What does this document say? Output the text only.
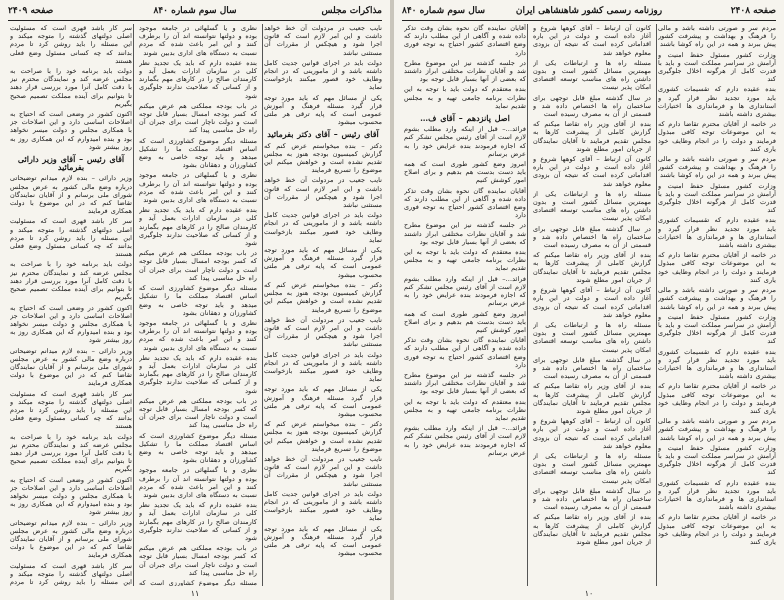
مذاکرات مجلس
سال سوم شماره ۸۴۰
صفحه ۲۴۰۹

نایب جعیب در مردولت آن خط خواهد داشت و این امر لازم است که قانون اجرا شود و هیچکس از مقررات آن مستثنی نباشد

دولت باید در اجرای قوانین جدیت کامل داشته باشد و از مامورینی که در انجام وظایف خود قصور میکنند بازخواست نماید

یکی از مسائل مهم که باید مورد توجه قرار گیرد مسئله فرهنگ و آموزش عمومی است که پایه ترقی هر ملتی محسوب میشود

آقای رئیس – آقای دکتر بفرمائید

دکتر – بنده میخواستم عرض کنم که گزارش کمیسیون بودجه هنوز به مجلس تقدیم نشده است و خواهش میکنم این موضوع را تسریع فرمایند

نایب جعیب در مردولت آن خط خواهد داشت و این امر لازم است که قانون اجرا شود و هیچکس از مقررات آن مستثنی نباشد

دولت باید در اجرای قوانین جدیت کامل داشته باشد و از مامورینی که در انجام وظایف خود قصور میکنند بازخواست نماید

یکی از مسائل مهم که باید مورد توجه قرار گیرد مسئله فرهنگ و آموزش عمومی است که پایه ترقی هر ملتی محسوب میشود

دکتر – بنده میخواستم عرض کنم که گزارش کمیسیون بودجه هنوز به مجلس تقدیم نشده است و خواهش میکنم این موضوع را تسریع فرمایند

نایب جعیب در مردولت آن خط خواهد داشت و این امر لازم است که قانون اجرا شود و هیچکس از مقررات آن مستثنی نباشد

دولت باید در اجرای قوانین جدیت کامل داشته باشد و از مامورینی که در انجام وظایف خود قصور میکنند بازخواست نماید

یکی از مسائل مهم که باید مورد توجه قرار گیرد مسئله فرهنگ و آموزش عمومی است که پایه ترقی هر ملتی محسوب میشود

دکتر – بنده میخواستم عرض کنم که گزارش کمیسیون بودجه هنوز به مجلس تقدیم نشده است و خواهش میکنم این موضوع را تسریع فرمایند

نایب جعیب در مردولت آن خط خواهد داشت و این امر لازم است که قانون اجرا شود و هیچکس از مقررات آن مستثنی نباشد

دولت باید در اجرای قوانین جدیت کامل داشته باشد و از مامورینی که در انجام وظایف خود قصور میکنند بازخواست نماید

یکی از مسائل مهم که باید مورد توجه قرار گیرد مسئله فرهنگ و آموزش عمومی است که پایه ترقی هر ملتی محسوب میشود

نظری و یا گسلهائی در جامعه موجود بوده و دولتها نتوانسته اند آن را برطرف کنند و این امر باعث شده که مردم نسبت به دستگاه های اداری بدبین شوند

بنده عقیده دارم که باید یک تجدید نظر کلی در سازمان ادارات بعمل آید و کارمندان صالح را در کارهای مهم بگمارند و از کسانی که صلاحیت ندارند جلوگیری شود

در باب بودجه مملکتی هم عرض میکنم که کسر بودجه امسال بسیار قابل توجه است و دولت ناچار است برای جبران آن راه حل مناسبی پیدا کند

مسئله دیگر موضوع کشاورزی است که اساس اقتصاد مملکت ما را تشکیل میدهد و باید توجه خاصی به وضع کشاورزان و دهقانان بشود

نظری و یا گسلهائی در جامعه موجود بوده و دولتها نتوانسته اند آن را برطرف کنند و این امر باعث شده که مردم نسبت به دستگاه های اداری بدبین شوند

بنده عقیده دارم که باید یک تجدید نظر کلی در سازمان ادارات بعمل آید و کارمندان صالح را در کارهای مهم بگمارند و از کسانی که صلاحیت ندارند جلوگیری شود

در باب بودجه مملکتی هم عرض میکنم که کسر بودجه امسال بسیار قابل توجه است و دولت ناچار است برای جبران آن راه حل مناسبی پیدا کند

مسئله دیگر موضوع کشاورزی است که اساس اقتصاد مملکت ما را تشکیل میدهد و باید توجه خاصی به وضع کشاورزان و دهقانان بشود

نظری و یا گسلهائی در جامعه موجود بوده و دولتها نتوانسته اند آن را برطرف کنند و این امر باعث شده که مردم نسبت به دستگاه های اداری بدبین شوند

بنده عقیده دارم که باید یک تجدید نظر کلی در سازمان ادارات بعمل آید و کارمندان صالح را در کارهای مهم بگمارند و از کسانی که صلاحیت ندارند جلوگیری شود

در باب بودجه مملکتی هم عرض میکنم که کسر بودجه امسال بسیار قابل توجه است و دولت ناچار است برای جبران آن راه حل مناسبی پیدا کند

مسئله دیگر موضوع کشاورزی است که اساس اقتصاد مملکت ما را تشکیل میدهد و باید توجه خاصی به وضع کشاورزان و دهقانان بشود

نظری و یا گسلهائی در جامعه موجود بوده و دولتها نتوانسته اند آن را برطرف کنند و این امر باعث شده که مردم نسبت به دستگاه های اداری بدبین شوند

بنده عقیده دارم که باید یک تجدید نظر کلی در سازمان ادارات بعمل آید و کارمندان صالح را در کارهای مهم بگمارند و از کسانی که صلاحیت ندارند جلوگیری شود

در باب بودجه مملکتی هم عرض میکنم که کسر بودجه امسال بسیار قابل توجه است و دولت ناچار است برای جبران آن راه حل مناسبی پیدا کند

مسئله دیگر موضوع کشاورزی است که

سر کار باشد قهری است که مسئولیت اصلی دولتهای گذشته را متوجه میکند و این مسئله را باید روشن کرد تا مردم بدانند که چه کسانی مسئول وضع فعلی هستند

دولت باید برنامه خود را با صراحت به مجلس عرضه کند و نمایندگان محترم نیز با دقت کامل آنرا مورد بررسی قرار دهند تا بتوانیم برای آینده مملکت تصمیم صحیح بگیریم

اکنون کشور در وضعی است که احتیاج به اصلاحات اساسی دارد و این اصلاحات جز با همکاری مجلس و دولت میسر نخواهد بود و بنده امیدوارم که این همکاری روز به روز بیشتر شود

آقای رئیس – آقای وزیر دارائی بفرمائید

وزیر دارائی – بنده لازم میدانم توضیحاتی درباره وضع مالی کشور به عرض مجلس شورای ملی برسانم و از آقایان نمایندگان تقاضا کنم که در این موضوع با دولت همکاری فرمایند

سر کار باشد قهری است که مسئولیت اصلی دولتهای گذشته را متوجه میکند و این مسئله را باید روشن کرد تا مردم بدانند که چه کسانی مسئول وضع فعلی هستند

دولت باید برنامه خود را با صراحت به مجلس عرضه کند و نمایندگان محترم نیز با دقت کامل آنرا مورد بررسی قرار دهند تا بتوانیم برای آینده مملکت تصمیم صحیح بگیریم

اکنون کشور در وضعی است که احتیاج به اصلاحات اساسی دارد و این اصلاحات جز با همکاری مجلس و دولت میسر نخواهد بود و بنده امیدوارم که این همکاری روز به روز بیشتر شود

وزیر دارائی – بنده لازم میدانم توضیحاتی درباره وضع مالی کشور به عرض مجلس شورای ملی برسانم و از آقایان نمایندگان تقاضا کنم که در این موضوع با دولت همکاری فرمایند

سر کار باشد قهری است که مسئولیت اصلی دولتهای گذشته را متوجه میکند و این مسئله را باید روشن کرد تا مردم بدانند که چه کسانی مسئول وضع فعلی هستند

دولت باید برنامه خود را با صراحت به مجلس عرضه کند و نمایندگان محترم نیز با دقت کامل آنرا مورد بررسی قرار دهند تا بتوانیم برای آینده مملکت تصمیم صحیح بگیریم

اکنون کشور در وضعی است که احتیاج به اصلاحات اساسی دارد و این اصلاحات جز با همکاری مجلس و دولت میسر نخواهد بود و بنده امیدوارم که این همکاری روز به روز بیشتر شود

وزیر دارائی – بنده لازم میدانم توضیحاتی درباره وضع مالی کشور به عرض مجلس شورای ملی برسانم و از آقایان نمایندگان تقاضا کنم که در این موضوع با دولت همکاری فرمایند

سر کار باشد قهری است که مسئولیت اصلی دولتهای گذشته را متوجه میکند و این مسئله را باید روشن کرد تا مردم

۱۱
صفحه ۲۴۰۸
روزنامه رسمی کشور شاهنشاهی ایران
سال سوم شماره ۸۴۰

مردم سر و صورتی داشته باشد و مالی را فرهنگ و بهداشت و پیشرفت کشور پیش ببرند و همه در این راه کوشا باشند

وزارت کشور مسئول حفظ امنیت و آرامش در سراسر مملکت است و باید با قدرت کامل از هرگونه اخلال جلوگیری کند

بنده عقیده دارم که تقسیمات کشوری باید مورد تجدید نظر قرار گیرد و استانداری ها و فرمانداری ها اختیارات بیشتری داشته باشند

در خاتمه از آقایان محترم تقاضا دارم که به این موضوعات توجه کافی مبذول فرمایند و دولت را در انجام وظایف خود یاری کنند

مردم سر و صورتی داشته باشد و مالی را فرهنگ و بهداشت و پیشرفت کشور پیش ببرند و همه در این راه کوشا باشند

وزارت کشور مسئول حفظ امنیت و آرامش در سراسر مملکت است و باید با قدرت کامل از هرگونه اخلال جلوگیری کند

بنده عقیده دارم که تقسیمات کشوری باید مورد تجدید نظر قرار گیرد و استانداری ها و فرمانداری ها اختیارات بیشتری داشته باشند

در خاتمه از آقایان محترم تقاضا دارم که به این موضوعات توجه کافی مبذول فرمایند و دولت را در انجام وظایف خود یاری کنند

مردم سر و صورتی داشته باشد و مالی را فرهنگ و بهداشت و پیشرفت کشور پیش ببرند و همه در این راه کوشا باشند

وزارت کشور مسئول حفظ امنیت و آرامش در سراسر مملکت است و باید با قدرت کامل از هرگونه اخلال جلوگیری کند

بنده عقیده دارم که تقسیمات کشوری باید مورد تجدید نظر قرار گیرد و استانداری ها و فرمانداری ها اختیارات بیشتری داشته باشند

در خاتمه از آقایان محترم تقاضا دارم که به این موضوعات توجه کافی مبذول فرمایند و دولت را در انجام وظایف خود یاری کنند

مردم سر و صورتی داشته باشد و مالی را فرهنگ و بهداشت و پیشرفت کشور پیش ببرند و همه در این راه کوشا باشند

وزارت کشور مسئول حفظ امنیت و آرامش در سراسر مملکت است و باید با قدرت کامل از هرگونه اخلال جلوگیری کند

بنده عقیده دارم که تقسیمات کشوری باید مورد تجدید نظر قرار گیرد و استانداری ها و فرمانداری ها اختیارات بیشتری داشته باشند

در خاتمه از آقایان محترم تقاضا دارم که به این موضوعات توجه کافی مبذول فرمایند و دولت را در انجام وظایف خود یاری کنند

کانون آن ارتباط – آقای کوهها شروع و آغاز داده است و دولت در این باره اقداماتی کرده است که نتیجه آن بزودی معلوم خواهد شد

مسئله راه ها و ارتباطات یکی از مهمترین مسائل کشور است و بدون داشتن راه های مناسب توسعه اقتصادی امکان پذیر نیست

در سال گذشته مبلغ قابل توجهی برای ساختمان راه ها اختصاص داده شد و قسمتی از آن به مصرف رسیده است

بنده از آقای وزیر راه تقاضا میکنم که گزارش کاملی از پیشرفت کارها به مجلس تقدیم فرمایند تا آقایان نمایندگان از جریان امور مطلع شوند

کانون آن ارتباط – آقای کوهها شروع و آغاز داده است و دولت در این باره اقداماتی کرده است که نتیجه آن بزودی معلوم خواهد شد

مسئله راه ها و ارتباطات یکی از مهمترین مسائل کشور است و بدون داشتن راه های مناسب توسعه اقتصادی امکان پذیر نیست

در سال گذشته مبلغ قابل توجهی برای ساختمان راه ها اختصاص داده شد و قسمتی از آن به مصرف رسیده است

بنده از آقای وزیر راه تقاضا میکنم که گزارش کاملی از پیشرفت کارها به مجلس تقدیم فرمایند تا آقایان نمایندگان از جریان امور مطلع شوند

کانون آن ارتباط – آقای کوهها شروع و آغاز داده است و دولت در این باره اقداماتی کرده است که نتیجه آن بزودی معلوم خواهد شد

مسئله راه ها و ارتباطات یکی از مهمترین مسائل کشور است و بدون داشتن راه های مناسب توسعه اقتصادی امکان پذیر نیست

در سال گذشته مبلغ قابل توجهی برای ساختمان راه ها اختصاص داده شد و قسمتی از آن به مصرف رسیده است

بنده از آقای وزیر راه تقاضا میکنم که گزارش کاملی از پیشرفت کارها به مجلس تقدیم فرمایند تا آقایان نمایندگان از جریان امور مطلع شوند

کانون آن ارتباط – آقای کوهها شروع و آغاز داده است و دولت در این باره اقداماتی کرده است که نتیجه آن بزودی معلوم خواهد شد

مسئله راه ها و ارتباطات یکی از مهمترین مسائل کشور است و بدون داشتن راه های مناسب توسعه اقتصادی امکان پذیر نیست

در سال گذشته مبلغ قابل توجهی برای ساختمان راه ها اختصاص داده شد و قسمتی از آن به مصرف رسیده است

بنده از آقای وزیر راه تقاضا میکنم که گزارش کاملی از پیشرفت کارها به مجلس تقدیم فرمایند تا آقایان نمایندگان از جریان امور مطلع شوند

آقایان نماینده گان نحوه بشان وقت تذکر داده شده و آگاهی از این مطلب دارند که وضع اقتصادی کشور احتیاج به توجه فوری دارد

در جلسه گذشته نیز این موضوع مطرح شد و آقایان نظرات مختلفی ابراز داشتند که بعضی از آنها بسیار قابل توجه بود

بنده معتقدم که دولت باید با توجه به این نظرات برنامه جامعی تهیه و به مجلس تقدیم نماید

اصل پانزدهم – آقای ف…

فرائد…– قبل از اینکه وارد مطلب بشوم لازم است از آقای رئیس مجلس تشکر کنم که اجازه فرمودند بنده عرایض خود را به عرض برسانم

امروز وضع کشور طوری است که همه باید دست بدست هم بدهیم و برای اصلاح امور کوشش کنیم

آقایان نماینده گان نحوه بشان وقت تذکر داده شده و آگاهی از این مطلب دارند که وضع اقتصادی کشور احتیاج به توجه فوری دارد

در جلسه گذشته نیز این موضوع مطرح شد و آقایان نظرات مختلفی ابراز داشتند که بعضی از آنها بسیار قابل توجه بود

بنده معتقدم که دولت باید با توجه به این نظرات برنامه جامعی تهیه و به مجلس تقدیم نماید

فرائد…– قبل از اینکه وارد مطلب بشوم لازم است از آقای رئیس مجلس تشکر کنم که اجازه فرمودند بنده عرایض خود را به عرض برسانم

امروز وضع کشور طوری است که همه باید دست بدست هم بدهیم و برای اصلاح امور کوشش کنیم

آقایان نماینده گان نحوه بشان وقت تذکر داده شده و آگاهی از این مطلب دارند که وضع اقتصادی کشور احتیاج به توجه فوری دارد

در جلسه گذشته نیز این موضوع مطرح شد و آقایان نظرات مختلفی ابراز داشتند که بعضی از آنها بسیار قابل توجه بود

بنده معتقدم که دولت باید با توجه به این نظرات برنامه جامعی تهیه و به مجلس تقدیم نماید

فرائد…– قبل از اینکه وارد مطلب بشوم لازم است از آقای رئیس مجلس تشکر کنم که اجازه فرمودند بنده عرایض خود را به عرض برسانم

۱۰
